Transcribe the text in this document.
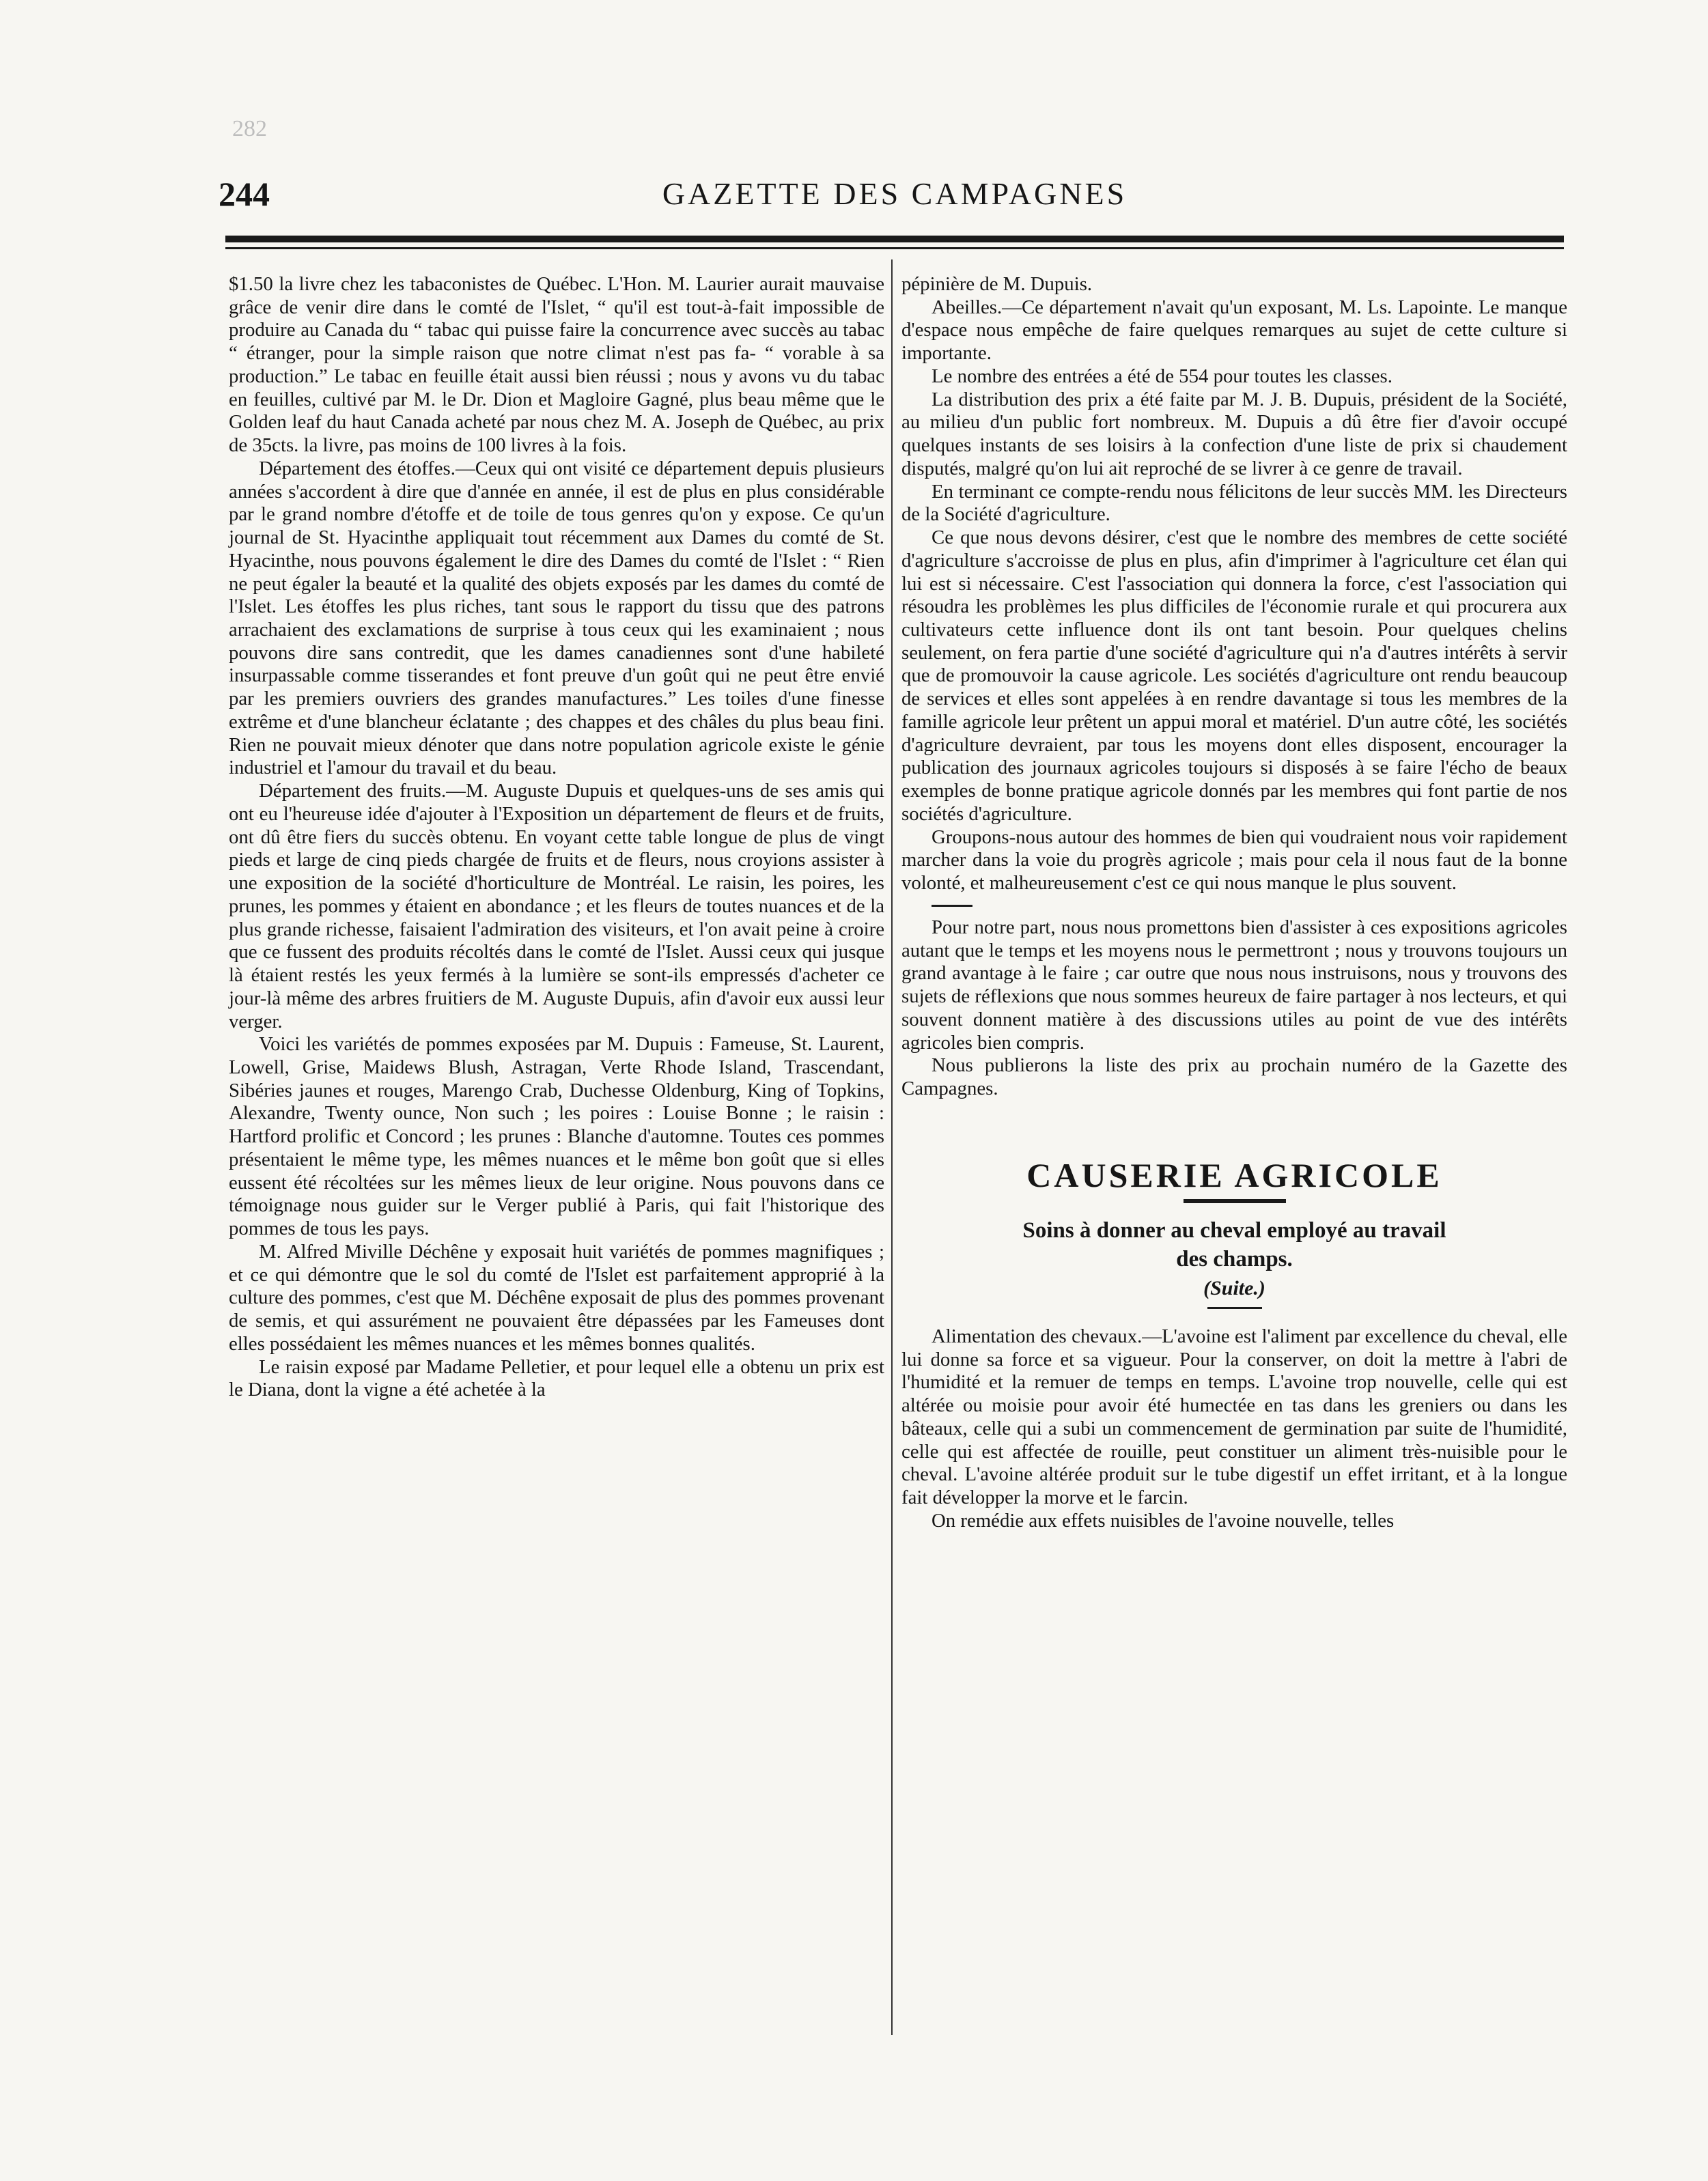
282
244	GAZETTE DES CAMPAGNES

$1.50 la livre chez les tabaconistes de Québec. L'Hon. M. Laurier aurait mauvaise grâce de venir dire dans le comté de l'Islet, “ qu'il est tout-à-fait impossible de produire au Canada du “ tabac qui puisse faire la concurrence avec succès au tabac “ étranger, pour la simple raison que notre climat n'est pas fa- “ vorable à sa production.” Le tabac en feuille était aussi bien réussi ; nous y avons vu du tabac en feuilles, cultivé par M. le Dr. Dion et Magloire Gagné, plus beau même que le Golden leaf du haut Canada acheté par nous chez M. A. Joseph de Québec, au prix de 35cts. la livre, pas moins de 100 livres à la fois.

Département des étoffes.—Ceux qui ont visité ce département depuis plusieurs années s'accordent à dire que d'année en année, il est de plus en plus considérable par le grand nombre d'étoffe et de toile de tous genres qu'on y expose. Ce qu'un journal de St. Hyacinthe appliquait tout récemment aux Dames du comté de St. Hyacinthe, nous pouvons également le dire des Dames du comté de l'Islet : “ Rien ne peut égaler la beauté et la qualité des objets exposés par les dames du comté de l'Islet. Les étoffes les plus riches, tant sous le rapport du tissu que des patrons arrachaient des exclamations de surprise à tous ceux qui les examinaient ; nous pouvons dire sans contredit, que les dames canadiennes sont d'une habileté insurpassable comme tisserandes et font preuve d'un goût qui ne peut être envié par les premiers ouvriers des grandes manufactures.” Les toiles d'une finesse extrême et d'une blancheur éclatante ; des chappes et des châles du plus beau fini. Rien ne pouvait mieux dénoter que dans notre population agricole existe le génie industriel et l'amour du travail et du beau.

Département des fruits.—M. Auguste Dupuis et quelques-uns de ses amis qui ont eu l'heureuse idée d'ajouter à l'Exposition un département de fleurs et de fruits, ont dû être fiers du succès obtenu. En voyant cette table longue de plus de vingt pieds et large de cinq pieds chargée de fruits et de fleurs, nous croyions assister à une exposition de la société d'horticulture de Montréal. Le raisin, les poires, les prunes, les pommes y étaient en abondance ; et les fleurs de toutes nuances et de la plus grande richesse, faisaient l'admiration des visiteurs, et l'on avait peine à croire que ce fussent des produits récoltés dans le comté de l'Islet. Aussi ceux qui jusque là étaient restés les yeux fermés à la lumière se sont-ils empressés d'acheter ce jour-là même des arbres fruitiers de M. Auguste Dupuis, afin d'avoir eux aussi leur verger.

Voici les variétés de pommes exposées par M. Dupuis : Fameuse, St. Laurent, Lowell, Grise, Maidews Blush, Astragan, Verte Rhode Island, Trascendant, Sibéries jaunes et rouges, Marengo Crab, Duchesse Oldenburg, King of Topkins, Alexandre, Twenty ounce, Non such ; les poires : Louise Bonne ; le raisin : Hartford prolific et Concord ; les prunes : Blanche d'automne. Toutes ces pommes présentaient le même type, les mêmes nuances et le même bon goût que si elles eussent été récoltées sur les mêmes lieux de leur origine. Nous pouvons dans ce témoignage nous guider sur le Verger publié à Paris, qui fait l'historique des pommes de tous les pays.

M. Alfred Miville Déchêne y exposait huit variétés de pommes magnifiques ; et ce qui démontre que le sol du comté de l'Islet est parfaitement approprié à la culture des pommes, c'est que M. Déchêne exposait de plus des pommes provenant de semis, et qui assurément ne pouvaient être dépassées par les Fameuses dont elles possédaient les mêmes nuances et les mêmes bonnes qualités.

Le raisin exposé par Madame Pelletier, et pour lequel elle a obtenu un prix est le Diana, dont la vigne a été achetée à la

pépinière de M. Dupuis.

Abeilles.—Ce département n'avait qu'un exposant, M. Ls. Lapointe. Le manque d'espace nous empêche de faire quelques remarques au sujet de cette culture si importante.

Le nombre des entrées a été de 554 pour toutes les classes.

La distribution des prix a été faite par M. J. B. Dupuis, président de la Société, au milieu d'un public fort nombreux. M. Dupuis a dû être fier d'avoir occupé quelques instants de ses loisirs à la confection d'une liste de prix si chaudement disputés, malgré qu'on lui ait reproché de se livrer à ce genre de travail.

En terminant ce compte-rendu nous félicitons de leur succès MM. les Directeurs de la Société d'agriculture.

Ce que nous devons désirer, c'est que le nombre des membres de cette société d'agriculture s'accroisse de plus en plus, afin d'imprimer à l'agriculture cet élan qui lui est si nécessaire. C'est l'association qui donnera la force, c'est l'association qui résoudra les problèmes les plus difficiles de l'économie rurale et qui procurera aux cultivateurs cette influence dont ils ont tant besoin. Pour quelques chelins seulement, on fera partie d'une société d'agriculture qui n'a d'autres intérêts à servir que de promouvoir la cause agricole. Les sociétés d'agriculture ont rendu beaucoup de services et elles sont appelées à en rendre davantage si tous les membres de la famille agricole leur prêtent un appui moral et matériel. D'un autre côté, les sociétés d'agriculture devraient, par tous les moyens dont elles disposent, encourager la publication des journaux agricoles toujours si disposés à se faire l'écho de beaux exemples de bonne pratique agricole donnés par les membres qui font partie de nos sociétés d'agriculture.

Groupons-nous autour des hommes de bien qui voudraient nous voir rapidement marcher dans la voie du progrès agricole ; mais pour cela il nous faut de la bonne volonté, et malheureusement c'est ce qui nous manque le plus souvent.

Pour notre part, nous nous promettons bien d'assister à ces expositions agricoles autant que le temps et les moyens nous le permettront ; nous y trouvons toujours un grand avantage à le faire ; car outre que nous nous instruisons, nous y trouvons des sujets de réflexions que nous sommes heureux de faire partager à nos lecteurs, et qui souvent donnent matière à des discussions utiles au point de vue des intérêts agricoles bien compris.

Nous publierons la liste des prix au prochain numéro de la Gazette des Campagnes.

CAUSERIE AGRICOLE
Soins à donner au cheval employé au travail
des champs.
(Suite.)

Alimentation des chevaux.—L'avoine est l'aliment par excellence du cheval, elle lui donne sa force et sa vigueur. Pour la conserver, on doit la mettre à l'abri de l'humidité et la remuer de temps en temps. L'avoine trop nouvelle, celle qui est altérée ou moisie pour avoir été humectée en tas dans les greniers ou dans les bâteaux, celle qui a subi un commencement de germination par suite de l'humidité, celle qui est affectée de rouille, peut constituer un aliment très-nuisible pour le cheval. L'avoine altérée produit sur le tube digestif un effet irritant, et à la longue fait développer la morve et le farcin.

On remédie aux effets nuisibles de l'avoine nouvelle, telles
